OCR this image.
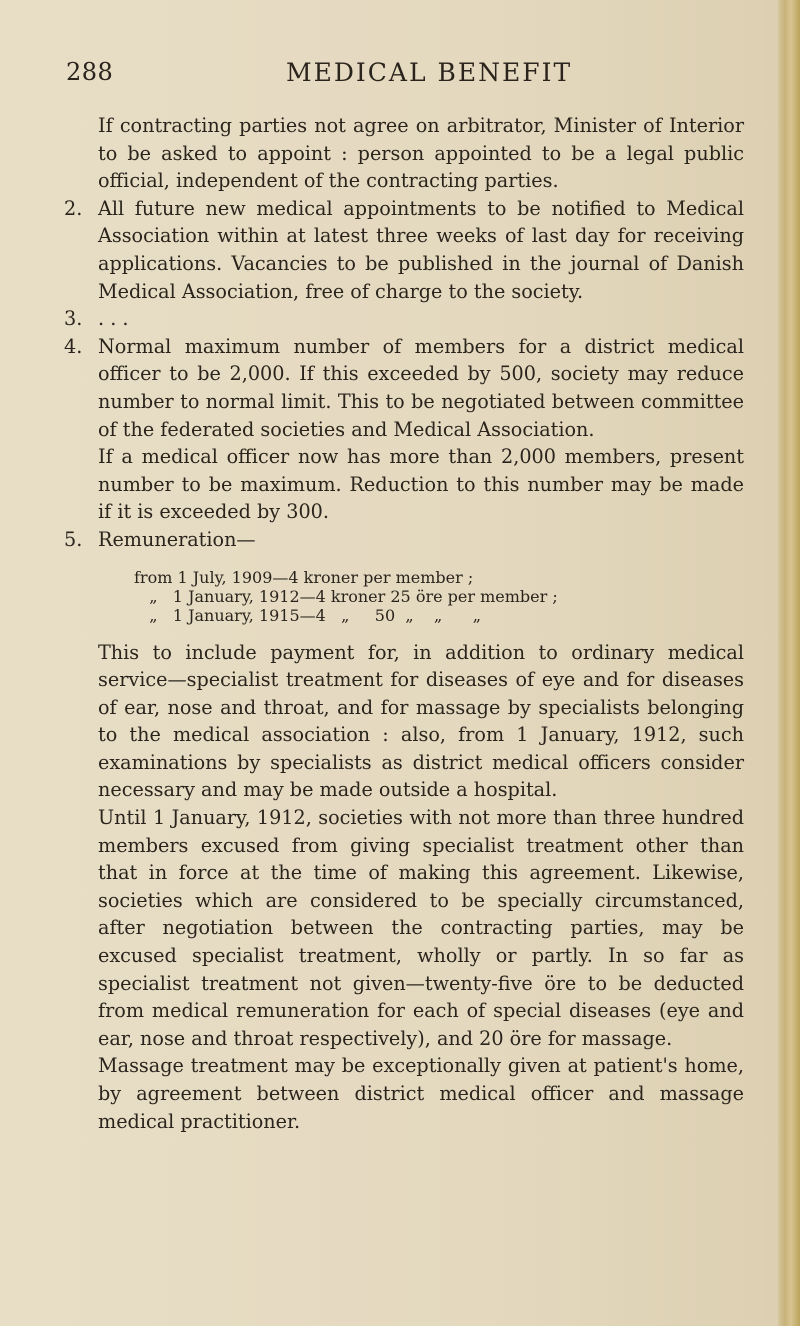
288	MEDICAL BENEFIT

If contracting parties not agree on arbitrator, Minister of Interior to be asked to appoint : person appointed to be a legal public official, independent of the contracting parties.

2. All future new medical appointments to be notified to Medical Association within at latest three weeks of last day for receiving applications. Vacancies to be published in the journal of Danish Medical Association, free of charge to the society.
3. . . .
4. Normal maximum number of members for a district medical officer to be 2,000. If this exceeded by 500, society may reduce number to normal limit. This to be negotiated between committee of the federated societies and Medical Association.

If a medical officer now has more than 2,000 members, present number to be maximum. Reduction to this number may be made if it is exceeded by 300.

5. Remuneration—
from 1 July, 1909—4 kroner per member ;
„   1 January, 1912—4 kroner 25 öre per member ;
„   1 January, 1915—4   „     50  „    „      „

This to include payment for, in addition to ordinary medical service—specialist treatment for diseases of eye and for diseases of ear, nose and throat, and for massage by specialists belonging to the medical association : also, from 1 January, 1912, such examinations by specialists as district medical officers consider necessary and may be made outside a hospital.

Until 1 January, 1912, societies with not more than three hundred members excused from giving specialist treatment other than that in force at the time of making this agreement. Likewise, societies which are considered to be specially circumstanced, after negotiation between the contracting parties, may be excused specialist treatment, wholly or partly. In so far as specialist treatment not given—twenty-five öre to be deducted from medical remuneration for each of special diseases (eye and ear, nose and throat respectively), and 20 öre for massage.

Massage treatment may be exceptionally given at patient's home, by agreement between district medical officer and massage medical practitioner.
